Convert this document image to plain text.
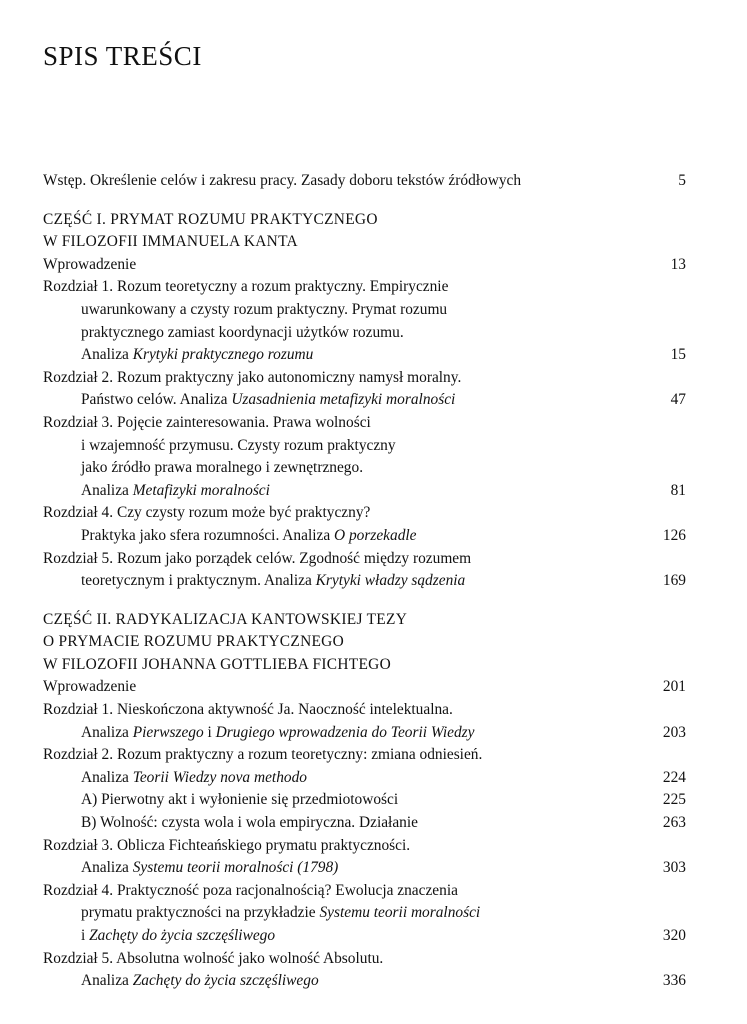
SPIS TREŚCI
Wstęp. Określenie celów i zakresu pracy. Zasady doboru tekstów źródłowych	5
CZĘŚĆ I. PRYMAT ROZUMU PRAKTYCZNEGO
W FILOZOFII IMMANUELA KANTA
Wprowadzenie	13
Rozdział 1. Rozum teoretyczny a rozum praktyczny. Empirycznie
uwarunkowany a czysty rozum praktyczny. Prymat rozumu
praktycznego zamiast koordynacji użytków rozumu.
Analiza Krytyki praktycznego rozumu	15
Rozdział 2. Rozum praktyczny jako autonomiczny namysł moralny.
Państwo celów. Analiza Uzasadnienia metafizyki moralności	47
Rozdział 3. Pojęcie zainteresowania. Prawa wolności
i wzajemność przymusu. Czysty rozum praktyczny
jako źródło prawa moralnego i zewnętrznego.
Analiza Metafizyki moralności	81
Rozdział 4. Czy czysty rozum może być praktyczny?
Praktyka jako sfera rozumności. Analiza O porzekadle	126
Rozdział 5. Rozum jako porządek celów. Zgodność między rozumem
teoretycznym i praktycznym. Analiza Krytyki władzy sądzenia	169
CZĘŚĆ II. RADYKALIZACJA KANTOWSKIEJ TEZY
O PRYMACIE ROZUMU PRAKTYCZNEGO
W FILOZOFII JOHANNA GOTTLIEBA FICHTEGO
Wprowadzenie	201
Rozdział 1. Nieskończona aktywność Ja. Naoczność intelektualna.
Analiza Pierwszego i Drugiego wprowadzenia do Teorii Wiedzy	203
Rozdział 2. Rozum praktyczny a rozum teoretyczny: zmiana odniesień.
Analiza Teorii Wiedzy nova methodo	224
A) Pierwotny akt i wyłonienie się przedmiotowości	225
B) Wolność: czysta wola i wola empiryczna. Działanie	263
Rozdział 3. Oblicza Fichteańskiego prymatu praktyczności.
Analiza Systemu teorii moralności (1798)	303
Rozdział 4. Praktyczność poza racjonalnością? Ewolucja znaczenia
prymatu praktyczności na przykładzie Systemu teorii moralności
i Zachęty do życia szczęśliwego	320
Rozdział 5. Absolutna wolność jako wolność Absolutu.
Analiza Zachęty do życia szczęśliwego	336
